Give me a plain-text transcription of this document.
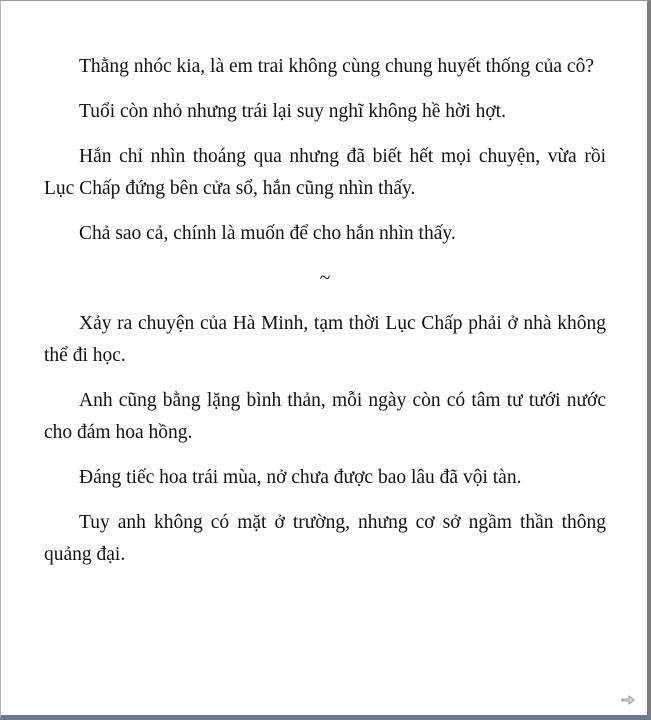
Thằng nhóc kia, là em trai không cùng chung huyết thống của cô?

Tuổi còn nhỏ nhưng trái lại suy nghĩ không hề hời hợt.

Hắn chỉ nhìn thoáng qua nhưng đã biết hết mọi chuyện, vừa rồi Lục Chấp đứng bên cửa sổ, hắn cũng nhìn thấy.

Chả sao cả, chính là muốn để cho hắn nhìn thấy.

~

Xảy ra chuyện của Hà Minh, tạm thời Lục Chấp phải ở nhà không thể đi học.

Anh cũng bằng lặng bình thản, mỗi ngày còn có tâm tư tưới nước cho đám hoa hồng.

Đáng tiếc hoa trái mùa, nở chưa được bao lâu đã vội tàn.

Tuy anh không có mặt ở trường, nhưng cơ sở ngầm thần thông quảng đại.
